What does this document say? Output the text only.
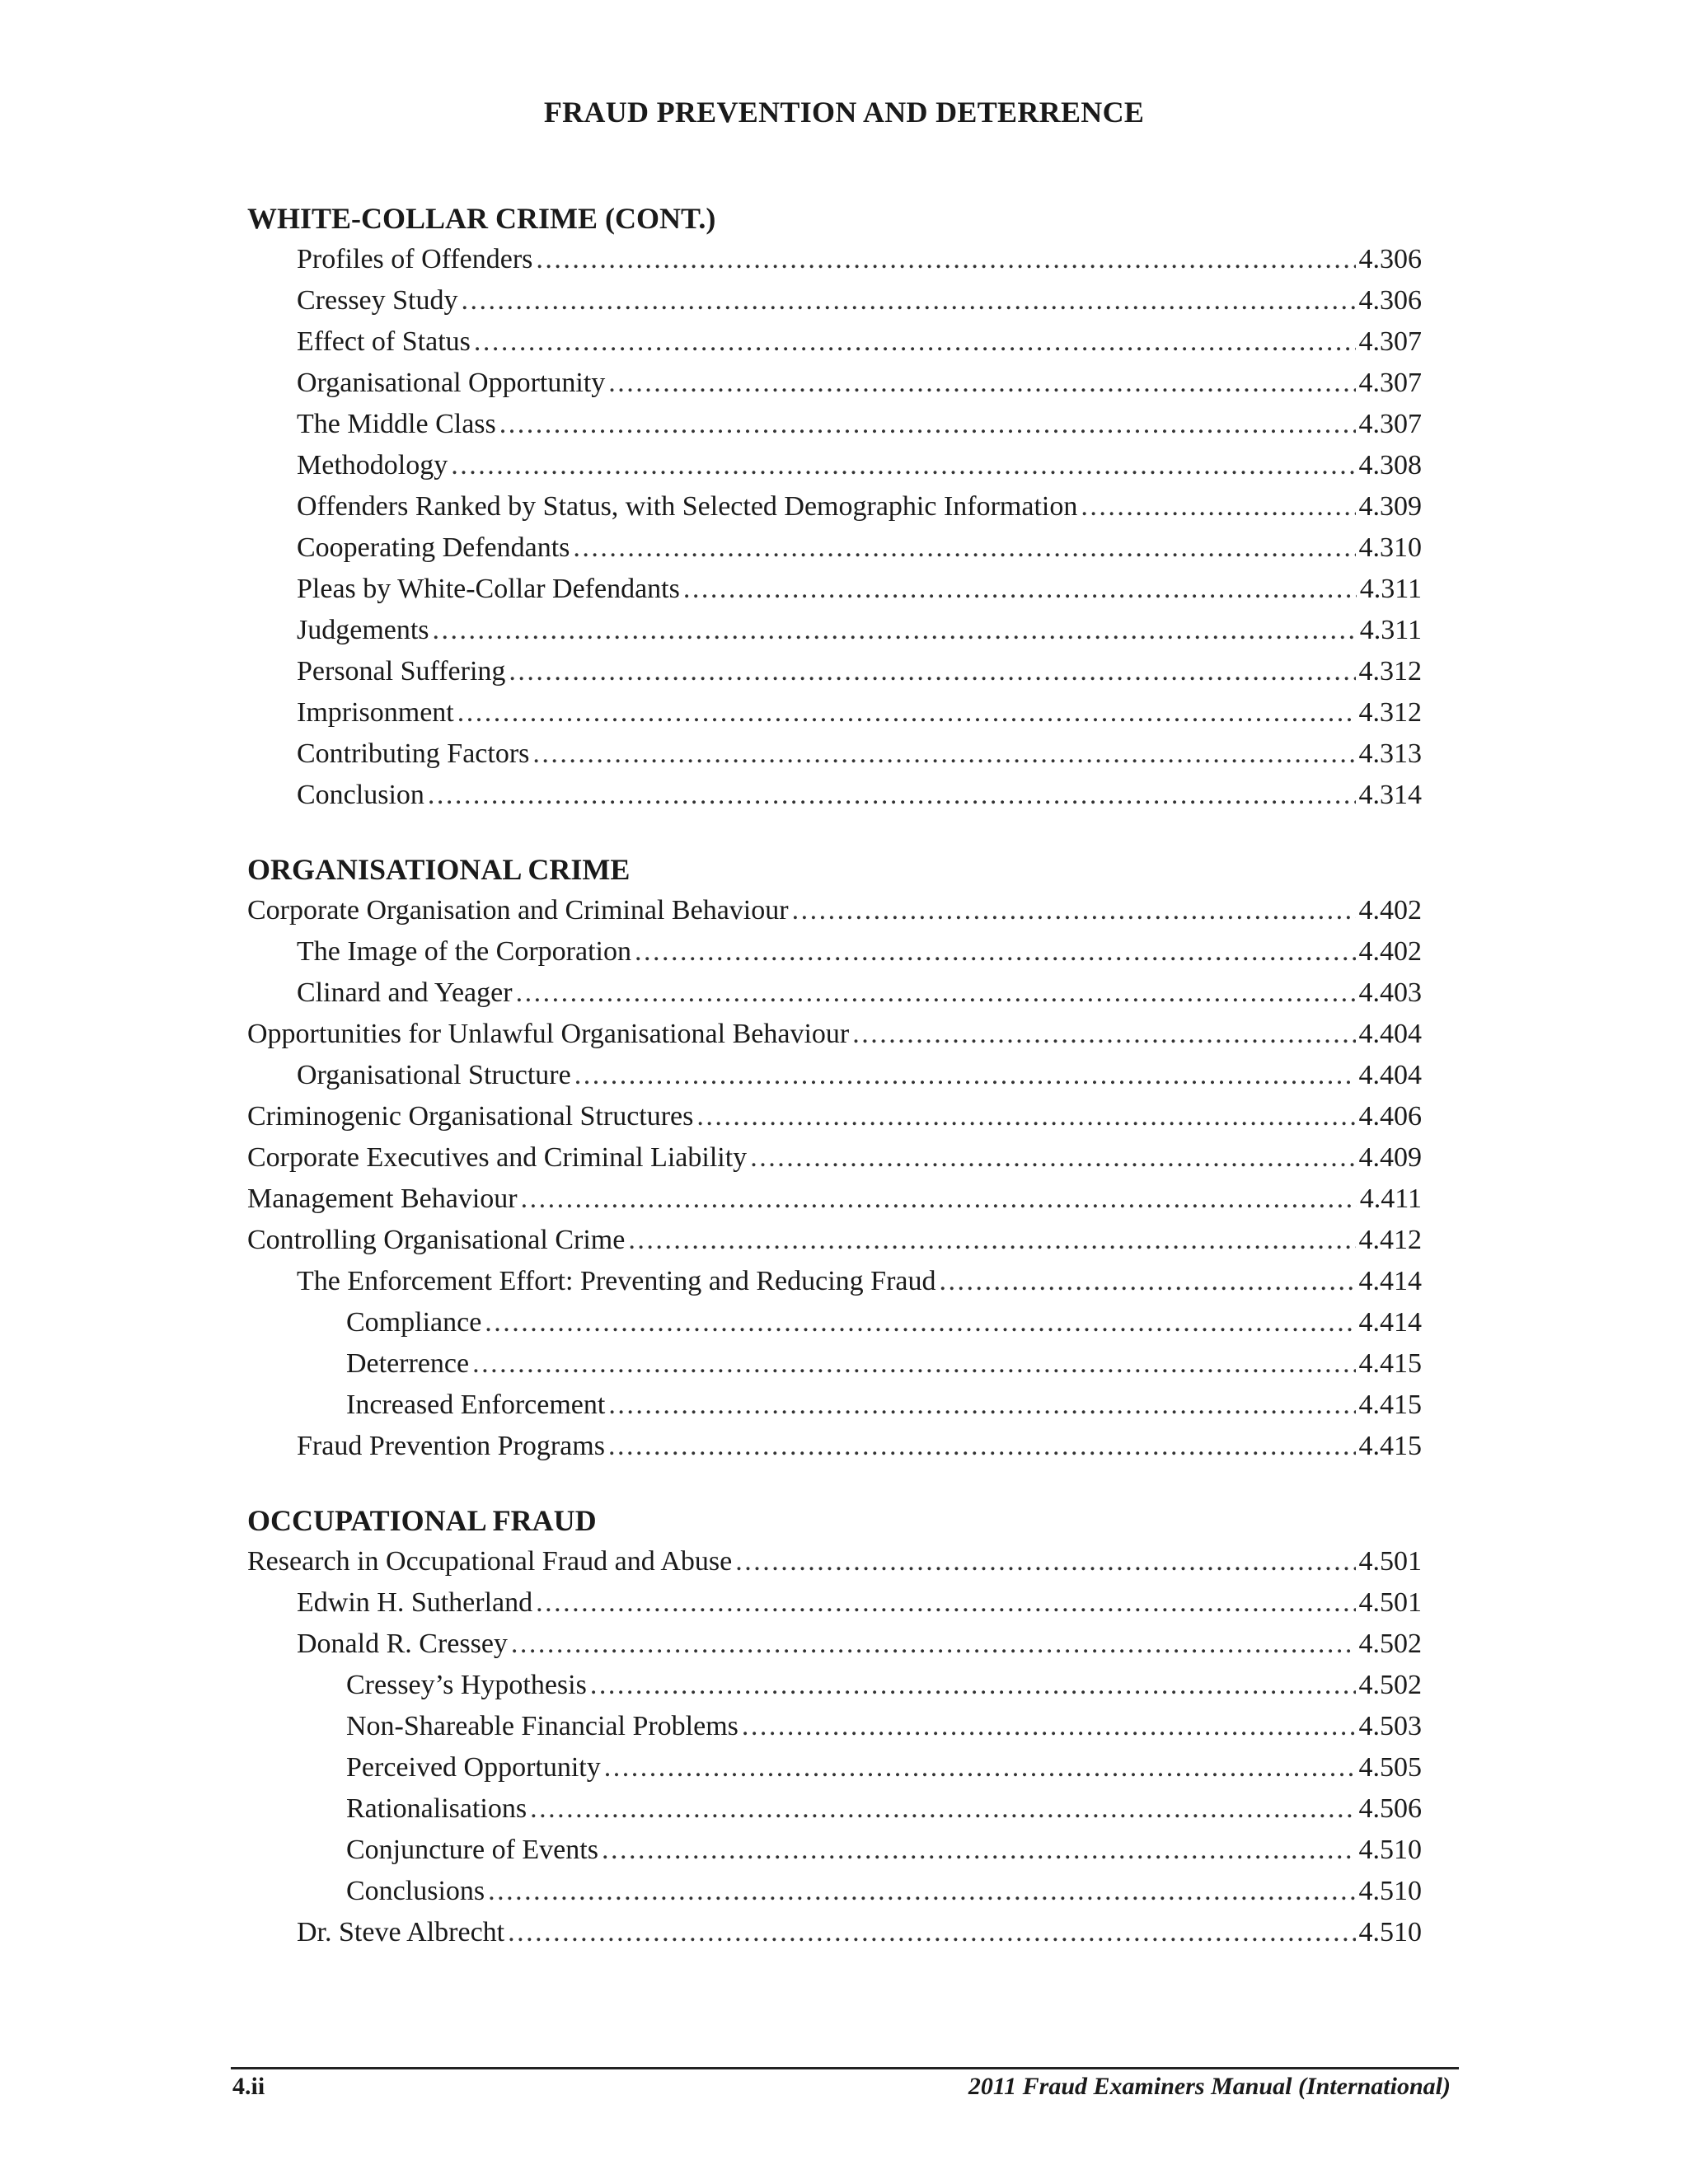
FRAUD PREVENTION AND DETERRENCE
WHITE-COLLAR CRIME (CONT.)
Profiles of Offenders . . .	4.306
Cressey Study . . .	4.306
Effect of Status . . .	4.307
Organisational Opportunity . . .	4.307
The Middle Class . . .	4.307
Methodology . . .	4.308
Offenders Ranked by Status, with Selected Demographic Information . . .	4.309
Cooperating Defendants . . .	4.310
Pleas by White-Collar Defendants . . .	4.311
Judgements . . .	4.311
Personal Suffering . . .	4.312
Imprisonment . . .	4.312
Contributing Factors . . .	4.313
Conclusion . . .	4.314
ORGANISATIONAL CRIME
Corporate Organisation and Criminal Behaviour . . .	4.402
The Image of the Corporation . . .	4.402
Clinard and Yeager . . .	4.403
Opportunities for Unlawful Organisational Behaviour . . .	4.404
Organisational Structure . . .	4.404
Criminogenic Organisational Structures . . .	4.406
Corporate Executives and Criminal Liability . . .	4.409
Management Behaviour . . .	4.411
Controlling Organisational Crime . . .	4.412
The Enforcement Effort: Preventing and Reducing Fraud . . .	4.414
Compliance . . .	4.414
Deterrence . . .	4.415
Increased Enforcement . . .	4.415
Fraud Prevention Programs . . .	4.415
OCCUPATIONAL FRAUD
Research in Occupational Fraud and Abuse . . .	4.501
Edwin H. Sutherland . . .	4.501
Donald R. Cressey . . .	4.502
Cressey’s Hypothesis . . .	4.502
Non-Shareable Financial Problems . . .	4.503
Perceived Opportunity . . .	4.505
Rationalisations . . .	4.506
Conjuncture of Events . . .	4.510
Conclusions . . .	4.510
Dr. Steve Albrecht . . .	4.510
4.ii	2011 Fraud Examiners Manual (International)
